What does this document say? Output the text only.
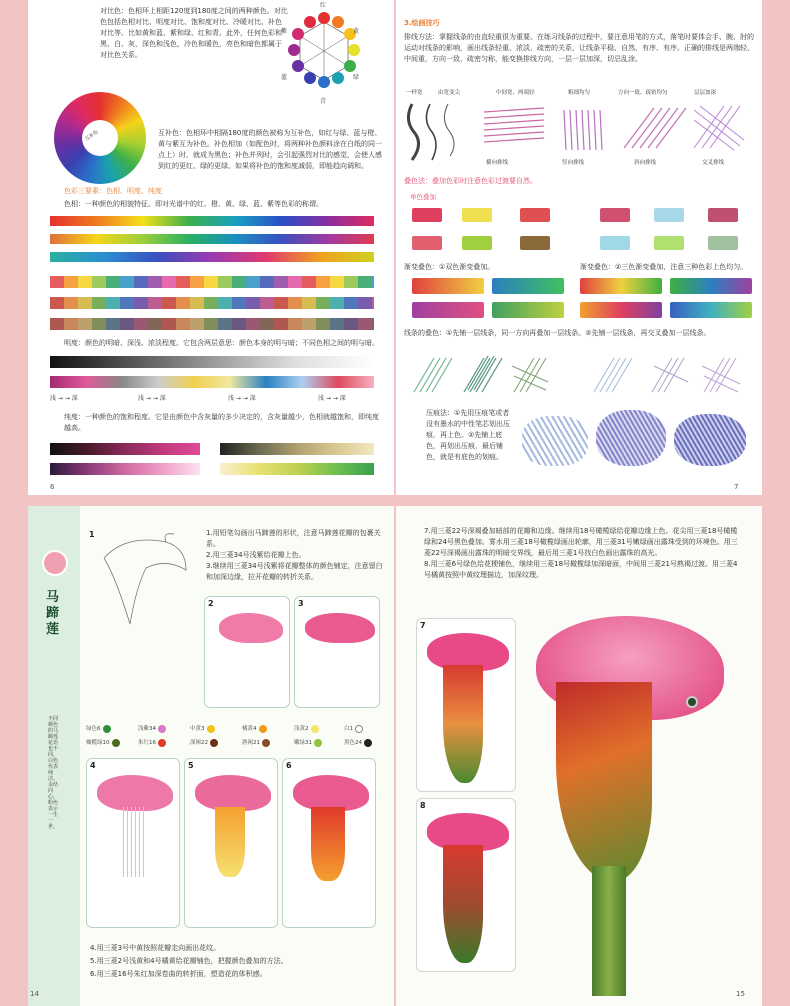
对比色：色相环上相距120度到180度之间的两种颜色。对比色包括色相对比、明度对比、饱和度对比、冷暖对比、补色对比等。比如黄和蓝、紫和绿、红和青。此外，任何色彩和黑、白、灰，深色和浅色，冷色和暖色，亮色和暗色都属于对比色关系。
红
黄
绿
青
蓝
紫
互补色	互补色：色相环中相隔180度的颜色被称为互补色，如红与绿、蓝与橙、黄与紫互为补色。补色相加（如配色时，将两种补色颜料涂在白纸的同一点上）时，就成为黑色；补色并列时，会引起强烈对比的感觉，会使人感到红的更红、绿的更绿。如果将补色的饱和度减弱，即能趋向调和。
色彩三要素：色相、明度、纯度
色相：一种颜色的相貌特征。即对光谱中的红、橙、黄、绿、蓝、紫等色彩的称谓。
明度：颜色的明暗、深浅、浓淡程度。它包含两层意思：颜色本身的明与暗；不同色相之间的明与暗。
浅 → → 深	浅 → → 深	浅 → → 深	浅 → → 深
纯度：一种颜色的饱和程度。它是由颜色中含灰量的多少决定的，含灰量越少，色相就越饱和，即纯度越高。
6
3.绘画技巧
排线方法：掌握线条的由直轻重很为重要。在练习线条的过程中，要注意用笔的方式，落笔时要体会手、腕、肘的运动对线条的影响，画出线条轻重、浓淡、疏密的关系，让线条平稳、自然、有序、有序。正确的排线是两端轻、中间重，方向一致，疏密匀称，能变换排线方向，一层一层加深，切忌乱涂。
一样宽	由宽变尖	中间宽、两端轻	粗细均匀	方向一致、疏密均匀	层层加深
横向排线	竖向排线	斜向排线	交叉排线
叠色法：叠加色彩时注意色彩过渡要自然。
单色叠加
渐变叠色：①双色渐变叠加。	渐变叠色：②三色渐变叠加，注意三种色彩上色均匀。
线条的叠色：①先铺一层线条，同一方向再叠加一层线条。②先铺一层线条，再交叉叠加一层线条。
压痕法：①先用压痕笔或者没有墨水的中性笔芯划出压痕，再上色。②先铺上底色，再划出压痕，最后铺色，就是有底色的划痕。
7
马蹄莲
不同颜色的马蹄莲花语也不同，白色代表纯洁、永结同心，粉色表示一生一世。
1	1.用铅笔勾画出马蹄莲的形状，注意马蹄莲花瓣的包裹关系。
2.用三菱34号浅紫给花瓣上色。
3.继续用三菱34号浅紫将花瓣整体的颜色铺定，注意留白和加深边缘，拉开花瓣的转折关系。
2	3
绿色6	浅紫34	中黄3	橘黄4	浅黄2	白1
橄榄绿10	朱红16	深褐22	熟褐21	嫩绿31	黑色24
4	5	6
4.用三菱3号中黄按照花瓣走向画出花纹。
5.用三菱2号浅黄和4号橘黄给花瓣铺色，把握颜色叠加的方法。
6.用三菱16号朱红加深卷曲的转折面，塑造花的体积感。
14
7.用三菱22号深褐叠加暗部的花瓣和边缘。继续用18号橄榄绿给花瓣边缘上色。花尖用三菱18号橄榄绿和24号黑色叠加。雾水用三菱18号橄榄绿画出轮廓，用三菱31号嫩绿画出露珠受到的环境色。用三菱22号深褐画出露珠的明暗交界线，最后用三菱1号找白色画出露珠的高光。
8.用三菱6号绿色给花梗铺色，继续用三菱18号橄榄绿加深暗面，中间用三菱21号熟褐过渡。用三菱4号橘黄按照中黄纹理描边，加深纹理。
7
8
15
